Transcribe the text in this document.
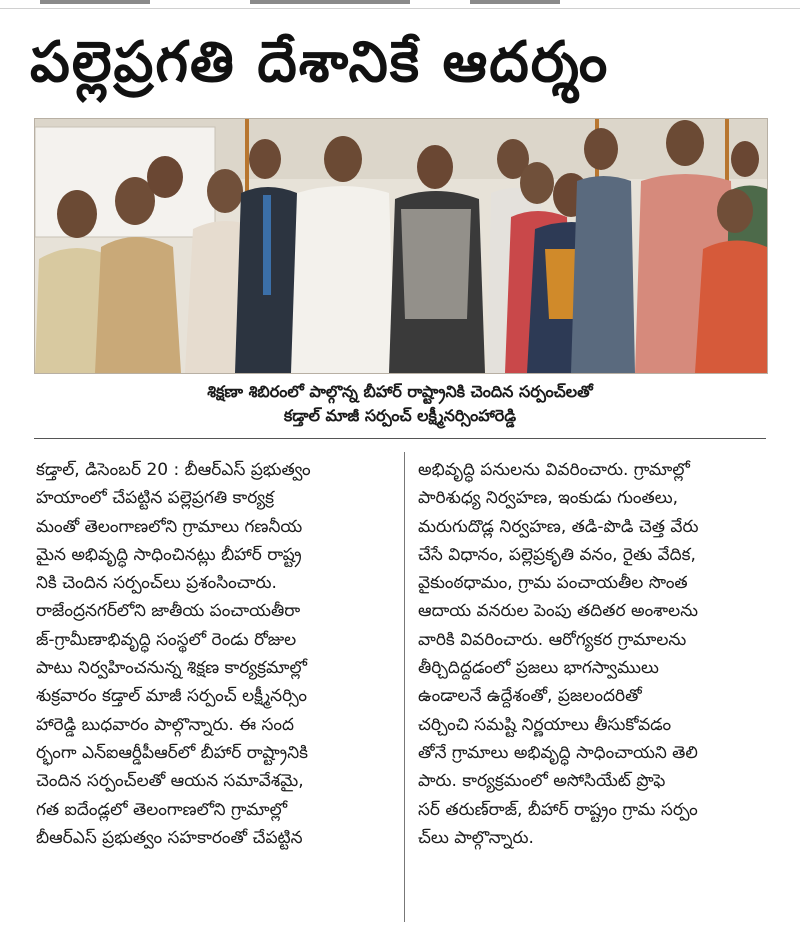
పల్లెప్రగతి దేశానికే ఆదర్శం
శిక్షణా శిబిరంలో పాల్గొన్న బీహార్ రాష్ట్రానికి చెందిన సర్పంచ్‌లతో
కడ్తాల్ మాజీ సర్పంచ్ లక్ష్మీనర్సింహారెడ్డి
కడ్తాల్, డిసెంబర్ 20 : బీఆర్ఎస్ ప్రభుత్వం
హయాంలో చేపట్టిన పల్లెప్రగతి కార్యక్ర
మంతో తెలంగాణలోని గ్రామాలు గణనీయ
మైన అభివృద్ధి సాధించినట్లు బీహార్ రాష్ట్ర
నికి చెందిన సర్పంచ్‌లు ప్రశంసించారు.
రాజేంద్రనగర్‌లోని జాతీయ పంచాయతీరా
జ్-గ్రామీణాభివృద్ధి సంస్థలో రెండు రోజుల
పాటు నిర్వహించనున్న శిక్షణ కార్యక్రమాల్లో
శుక్రవారం కడ్తాల్ మాజీ సర్పంచ్ లక్ష్మీనర్సిం
హారెడ్డి బుధవారం పాల్గొన్నారు. ఈ సంద
ర్భంగా ఎన్ఐఆర్డీపీఆర్‌లో బీహార్ రాష్ట్రానికి
చెందిన సర్పంచ్‌లతో ఆయన సమావేశమై,
గత ఐదేండ్లలో తెలంగాణలోని గ్రామాల్లో
బీఆర్ఎస్ ప్రభుత్వం సహకారంతో చేపట్టిన
అభివృద్ధి పనులను వివరించారు. గ్రామాల్లో
పారిశుధ్య నిర్వహణ, ఇంకుడు గుంతలు,
మరుగుదొడ్ల నిర్వహణ, తడి-పొడి చెత్త వేరు
చేసే విధానం, పల్లెప్రకృతి వనం, రైతు వేదిక,
వైకుంఠధామం, గ్రామ పంచాయతీల సొంత
ఆదాయ వనరుల పెంపు తదితర అంశాలను
వారికి వివరించారు. ఆరోగ్యకర గ్రామాలను
తీర్చిదిద్దడంలో ప్రజలు భాగస్వాములు
ఉండాలనే ఉద్దేశంతో, ప్రజలందరితో
చర్చించి సమష్టి నిర్ణయాలు తీసుకోవడం
తోనే గ్రామాలు అభివృద్ధి సాధించాయని తెలి
పారు. కార్యక్రమంలో అసోసియేట్ ప్రొఫె
సర్ తరుణ్‌రాజ్, బీహార్ రాష్ట్రం గ్రామ సర్పం
చ్‌లు పాల్గొన్నారు.
